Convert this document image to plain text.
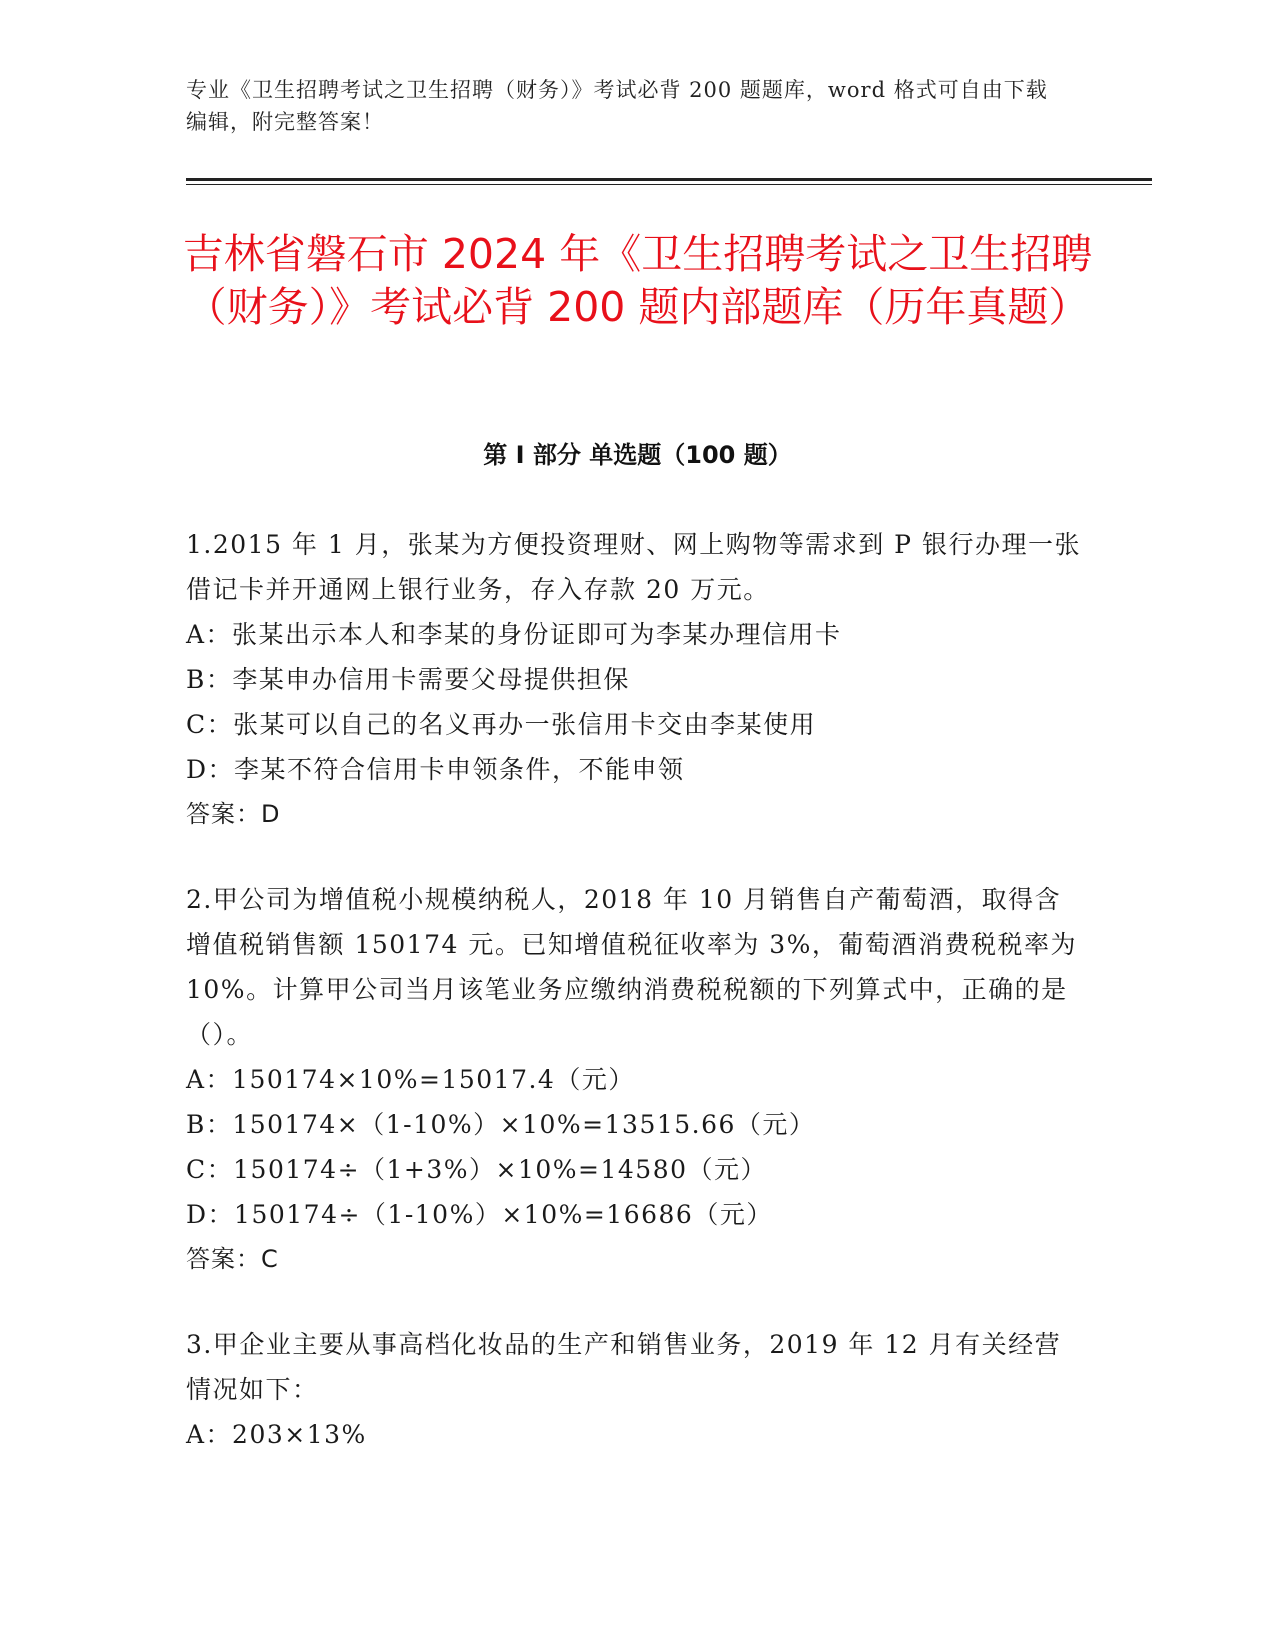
专业《卫生招聘考试之卫生招聘（财务）》考试必背 200 题题库，word 格式可自由下载编辑，附完整答案！
吉林省磐石市 2024 年《卫生招聘考试之卫生招聘（财务）》考试必背 200 题内部题库（历年真题）
第 I 部分 单选题（100 题）
1.2015 年 1 月，张某为方便投资理财、网上购物等需求到 P 银行办理一张借记卡并开通网上银行业务，存入存款 20 万元。
A：张某出示本人和李某的身份证即可为李某办理信用卡
B：李某申办信用卡需要父母提供担保
C：张某可以自己的名义再办一张信用卡交由李某使用
D：李某不符合信用卡申领条件，不能申领
答案：D
2.甲公司为增值税小规模纳税人，2018 年 10 月销售自产葡萄酒，取得含增值税销售额 150174 元。已知增值税征收率为 3%，葡萄酒消费税税率为 10%。计算甲公司当月该笔业务应缴纳消费税税额的下列算式中，正确的是（）。
A：150174×10%=15017.4（元）
B：150174×（1-10%）×10%=13515.66（元）
C：150174÷（1+3%）×10%=14580（元）
D：150174÷（1-10%）×10%=16686（元）
答案：C
3.甲企业主要从事高档化妆品的生产和销售业务，2019 年 12 月有关经营情况如下：
A：203×13%
